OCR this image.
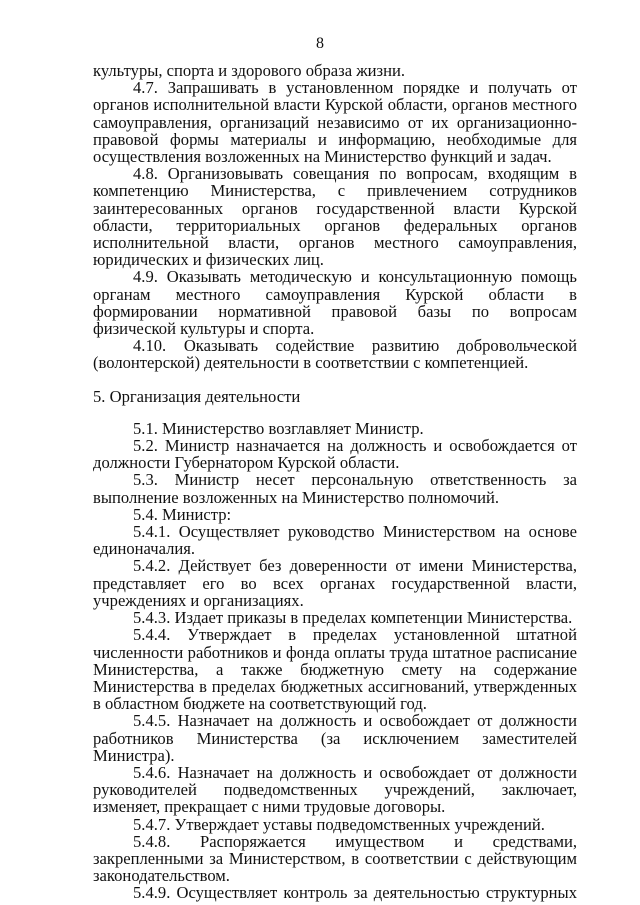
8

культуры, спорта и здорового образа жизни.

4.7. Запрашивать в установленном порядке и получать от органов исполнительной власти Курской области, органов местного самоуправления, организаций независимо от их организационно-правовой формы материалы и информацию, необходимые для осуществления возложенных на Министерство функций и задач.

4.8. Организовывать совещания по вопросам, входящим в компетенцию Министерства, с привлечением сотрудников заинтересованных органов государственной власти Курской области, территориальных органов федеральных органов исполнительной власти, органов местного самоуправления, юридических и физических лиц.

4.9. Оказывать методическую и консультационную помощь органам местного самоуправления Курской области в формировании нормативной правовой базы по вопросам физической культуры и спорта.

4.10. Оказывать содействие развитию добровольческой (волонтерской) деятельности в соответствии с компетенцией.

5. Организация деятельности

5.1. Министерство возглавляет Министр.

5.2. Министр назначается на должность и освобождается от должности Губернатором Курской области.

5.3. Министр несет персональную ответственность за выполнение возложенных на Министерство полномочий.

5.4. Министр:

5.4.1. Осуществляет руководство Министерством на основе единоначалия.

5.4.2. Действует без доверенности от имени Министерства, представляет его во всех органах государственной власти, учреждениях и организациях.

5.4.3. Издает приказы в пределах компетенции Министерства.

5.4.4. Утверждает в пределах установленной штатной численности работников и фонда оплаты труда штатное расписание Министерства, а также бюджетную смету на содержание Министерства в пределах бюджетных ассигнований, утвержденных в областном бюджете на соответствующий год.

5.4.5. Назначает на должность и освобождает от должности работников Министерства (за исключением заместителей Министра).

5.4.6. Назначает на должность и освобождает от должности руководителей подведомственных учреждений, заключает, изменяет, прекращает с ними трудовые договоры.

5.4.7. Утверждает уставы подведомственных учреждений.

5.4.8. Распоряжается имуществом и средствами, закрепленными за Министерством, в соответствии с действующим законодательством.

5.4.9. Осуществляет контроль за деятельностью структурных
